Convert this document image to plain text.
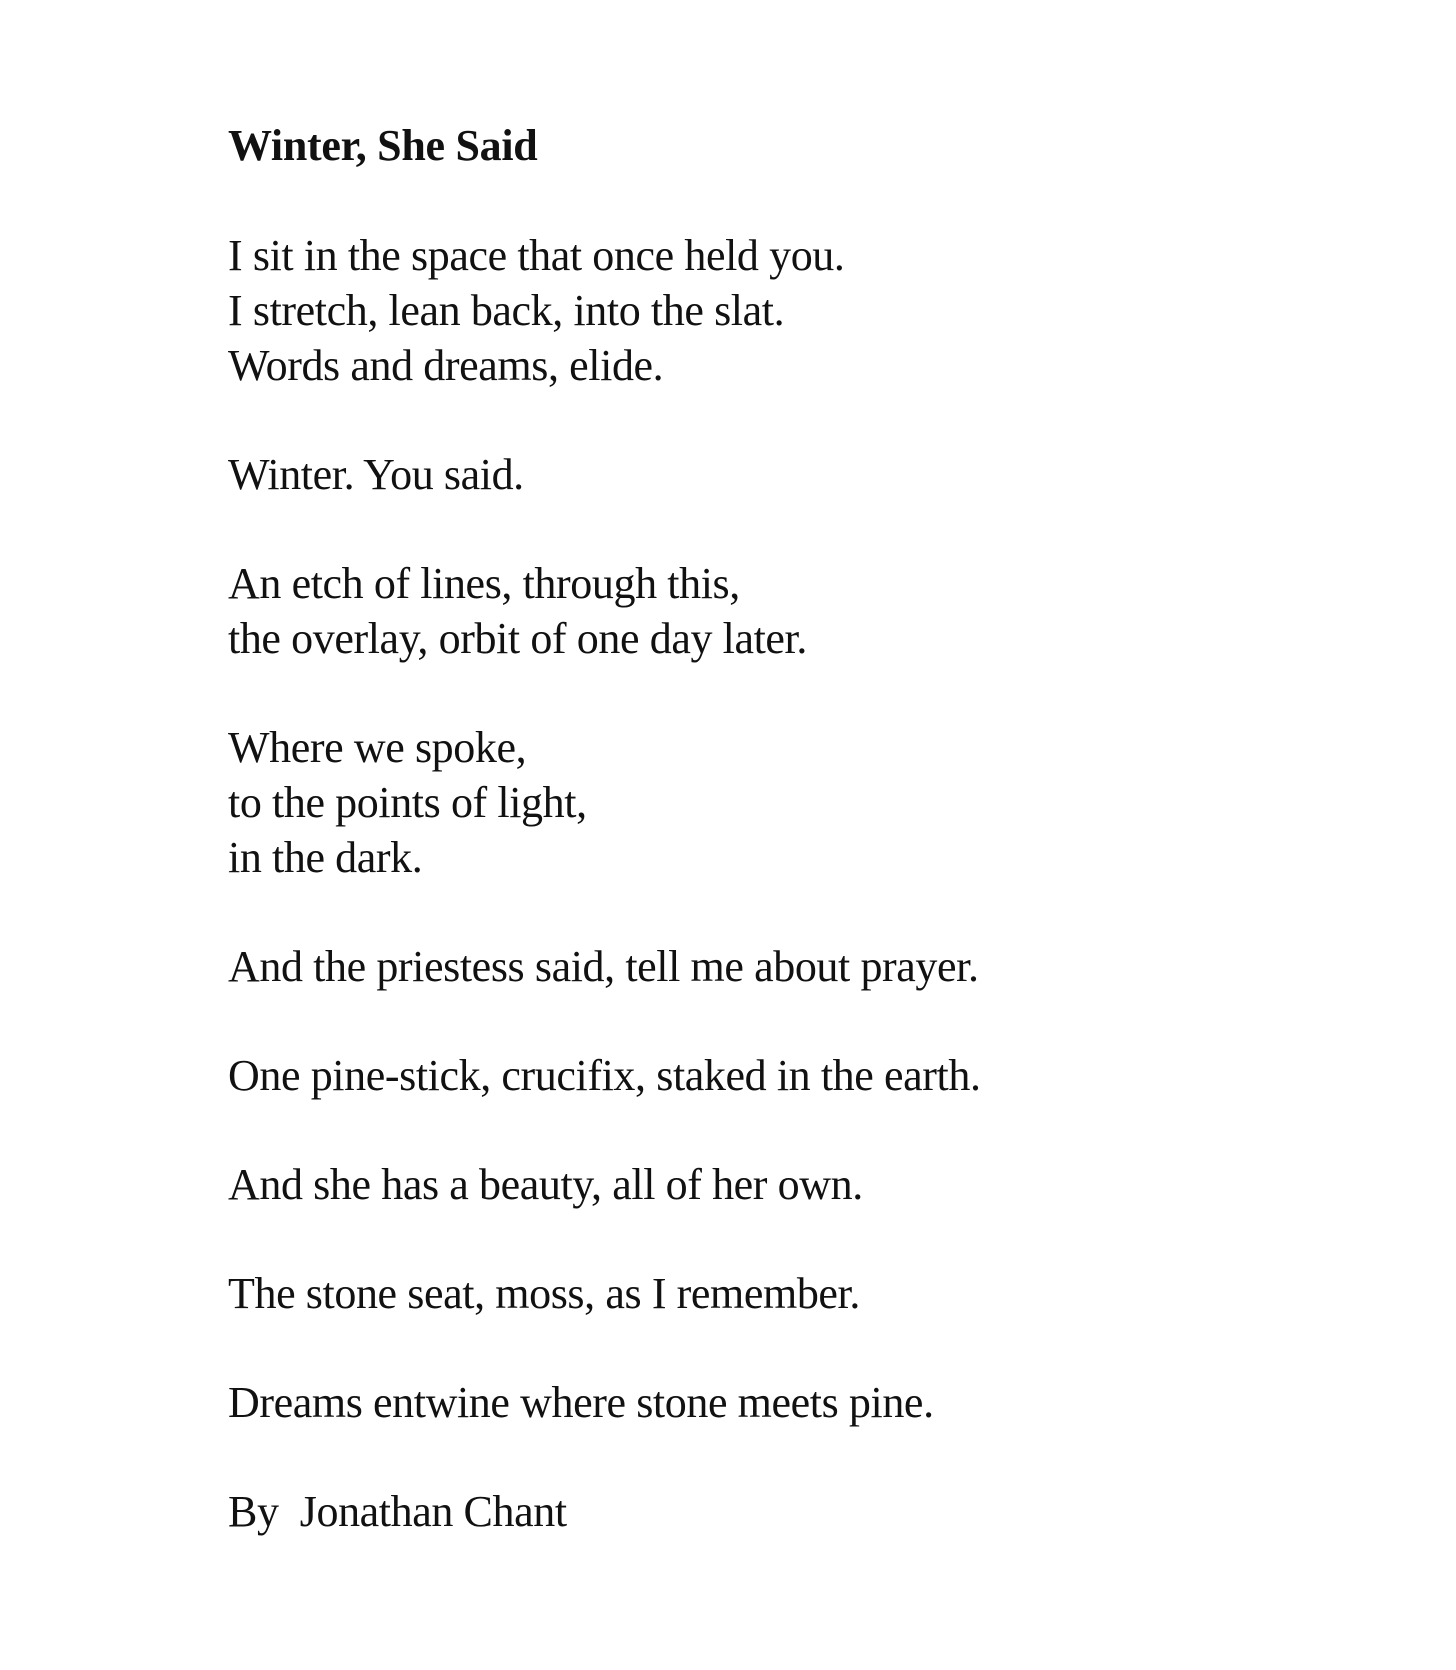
Winter, She Said
I sit in the space that once held you.
I stretch, lean back, into the slat.
Words and dreams, elide.
Winter. You said.
An etch of lines, through this,
the overlay, orbit of one day later.
Where we spoke,
to the points of light,
in the dark.
And the priestess said, tell me about prayer.
One pine-stick, crucifix, staked in the earth.
And she has a beauty, all of her own.
The stone seat, moss, as I remember.
Dreams entwine where stone meets pine.
By  Jonathan Chant
